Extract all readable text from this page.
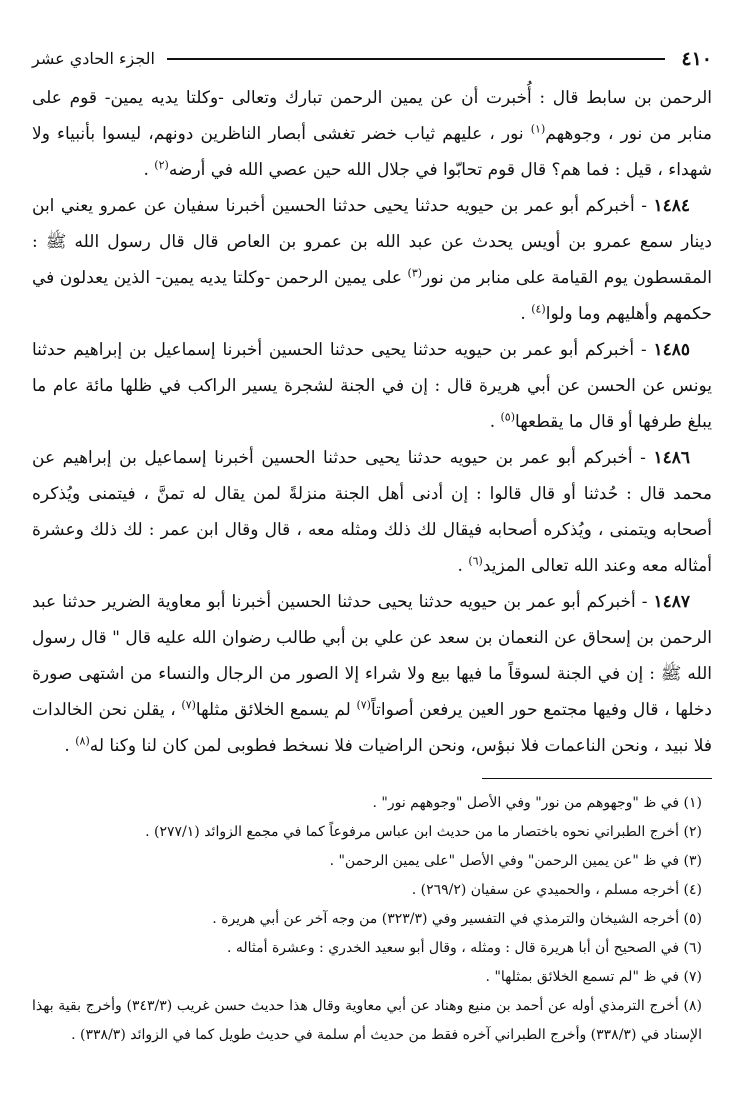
٤١٠
الجزء الحادي عشر

الرحمن بن سابط قال : أُخبرت أن عن يمين الرحمن تبارك وتعالى -وكلتا يديه يمين- قوم على منابر من نور ، وجوههم$^{(١)}$ نور ، عليهم ثياب خضر تغشى أبصار الناظرين دونهم، ليسوا بأنبياء ولا شهداء ، قيل : فما هم؟ قال قوم تحابّوا في جلال الله حين عصي الله في أرضه$^{(٢)}$ .

١٤٨٤ - أخبركم أبو عمر بن حيويه حدثنا يحيى حدثنا الحسين أخبرنا سفيان عن عمرو يعني ابن دينار سمع عمرو بن أويس يحدث عن عبد الله بن عمرو بن العاص قال قال رسول الله ﷺ : المقسطون يوم القيامة على منابر من نور$^{(٣)}$ على يمين الرحمن -وكلتا يديه يمين- الذين يعدلون في حكمهم وأهليهم وما ولوا$^{(٤)}$ .

١٤٨٥ - أخبركم أبو عمر بن حيويه حدثنا يحيى حدثنا الحسين أخبرنا إسماعيل بن إبراهيم حدثنا يونس عن الحسن عن أبي هريرة قال : إن في الجنة لشجرة يسير الراكب في ظلها مائة عام ما يبلغ طرفها أو قال ما يقطعها$^{(٥)}$ .

١٤٨٦ - أخبركم أبو عمر بن حيويه حدثنا يحيى حدثنا الحسين أخبرنا إسماعيل بن إبراهيم عن محمد قال : حُدثنا أو قال قالوا : إن أدنى أهل الجنة منزلةً لمن يقال له تمنَّ ، فيتمنى ويُذكره أصحابه ويتمنى ، ويُذكره أصحابه فيقال لك ذلك ومثله معه ، قال وقال ابن عمر : لك ذلك وعشرة أمثاله معه وعند الله تعالى المزيد$^{(٦)}$ .

١٤٨٧ - أخبركم أبو عمر بن حيويه حدثنا يحيى حدثنا الحسين أخبرنا أبو معاوية الضرير حدثنا عبد الرحمن بن إسحاق عن النعمان بن سعد عن علي بن أبي طالب رضوان الله عليه قال " قال رسول الله ﷺ : إن في الجنة لسوقاً ما فيها بيع ولا شراء إلا الصور من الرجال والنساء من اشتهى صورة دخلها ، قال وفيها مجتمع حور العين يرفعن أصواتاً$^{(٧)}$ لم يسمع الخلائق مثلها$^{(٧)}$ ، يقلن نحن الخالدات فلا نبيد ، ونحن الناعمات فلا نبؤس، ونحن الراضيات فلا نسخط فطوبى لمن كان لنا وكنا له$^{(٨)}$ .

(١) في ظ "وجهوهم من نور" وفي الأصل "وجوههم نور" .

(٢) أخرج الطبراني نحوه باختصار ما من حديث ابن عباس مرفوعاً كما في مجمع الزوائد (٢٧٧/١) .

(٣) في ظ "عن يمين الرحمن" وفي الأصل "على يمين الرحمن" .

(٤) أخرجه مسلم ، والحميدي عن سفيان (٢٦٩/٢) .

(٥) أخرجه الشيخان والترمذي في التفسير وفي (٣٢٣/٣) من وجه آخر عن أبي هريرة .

(٦) في الصحيح أن أبا هريرة قال : ومثله ، وقال أبو سعيد الخدري : وعشرة أمثاله .

(٧) في ظ "لم تسمع الخلائق بمثلها" .

(٨) أخرج الترمذي أوله عن أحمد بن منيع وهناد عن أبي معاوية وقال هذا حديث حسن غريب (٣٤٣/٣) وأخرج بقية بهذا الإسناد في (٣٣٨/٣) وأخرج الطبراني آخره فقط من حديث أم سلمة في حديث طويل كما في الزوائد (٣٣٨/٣) .
